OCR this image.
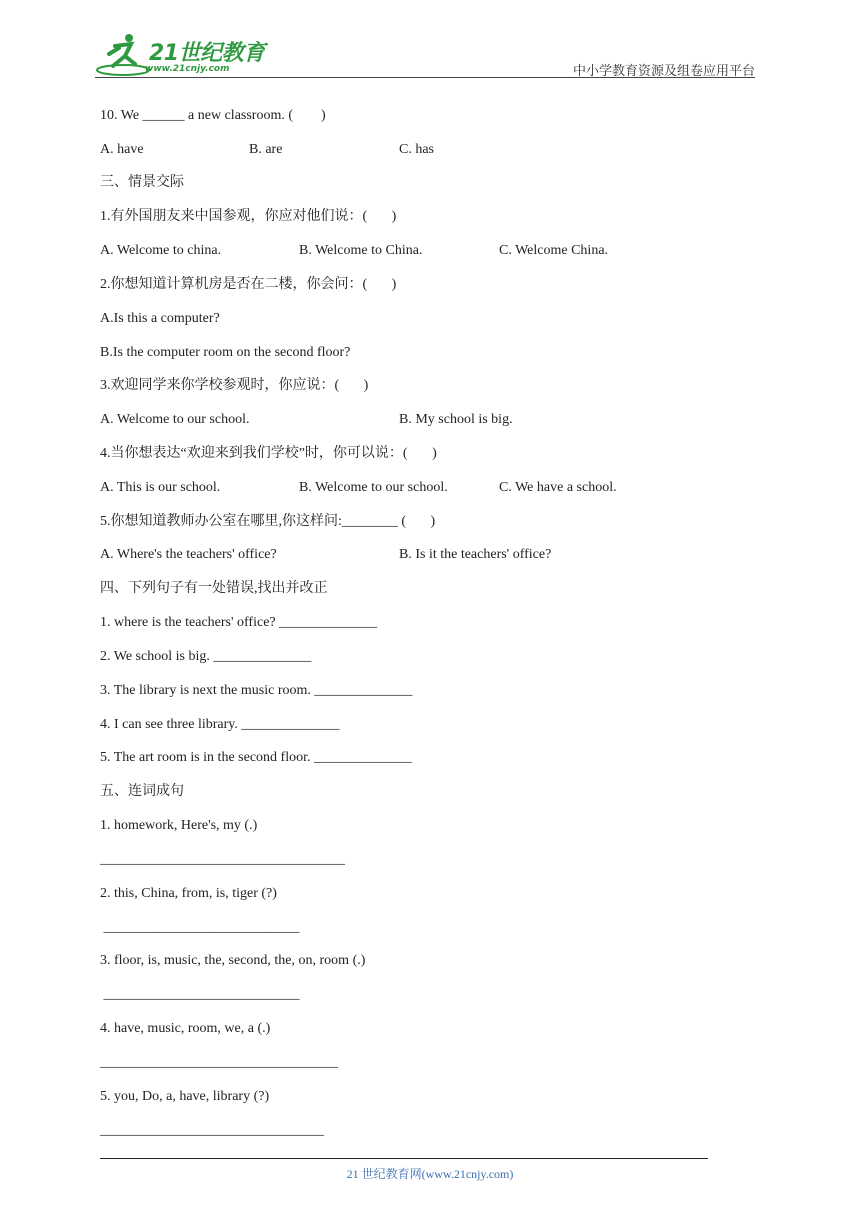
21世纪教育
www.21cnjy.com	中小学教育资源及组卷应用平台
10. We ______ a new classroom. (        )
A. have	B. are	C. has
三、情景交际
1.有外国朋友来中国参观，你应对他们说：(       )
A. Welcome to china.	B. Welcome to China.	C. Welcome China.
2.你想知道计算机房是否在二楼，你会问：(       )
A.Is this a computer?
B.Is the computer room on the second floor?
3.欢迎同学来你学校参观时，你应说：(       )
A. Welcome to our school.	B. My school is big.
4.当你想表达“欢迎来到我们学校”时，你可以说：(       )
A. This is our school.	B. Welcome to our school.	C. We have a school.
5.你想知道教师办公室在哪里,你这样问:________ (       )
A. Where's the teachers' office?	B. Is it the teachers' office?
四、下列句子有一处错误,找出并改正
1. where is the teachers' office? ______________
2. We school is big. ______________
3. The library is next the music room. ______________
4. I can see three library. ______________
5. The art room is in the second floor. ______________
五、连词成句
1. homework, Here's, my (.)
___________________________________
2. this, China, from, is, tiger (?)
____________________________
3. floor, is, music, the, second, the, on, room (.)
____________________________
4. have, music, room, we, a (.)
__________________________________
5. you, Do, a, have, library (?)
________________________________
21 世纪教育网(www.21cnjy.com)
